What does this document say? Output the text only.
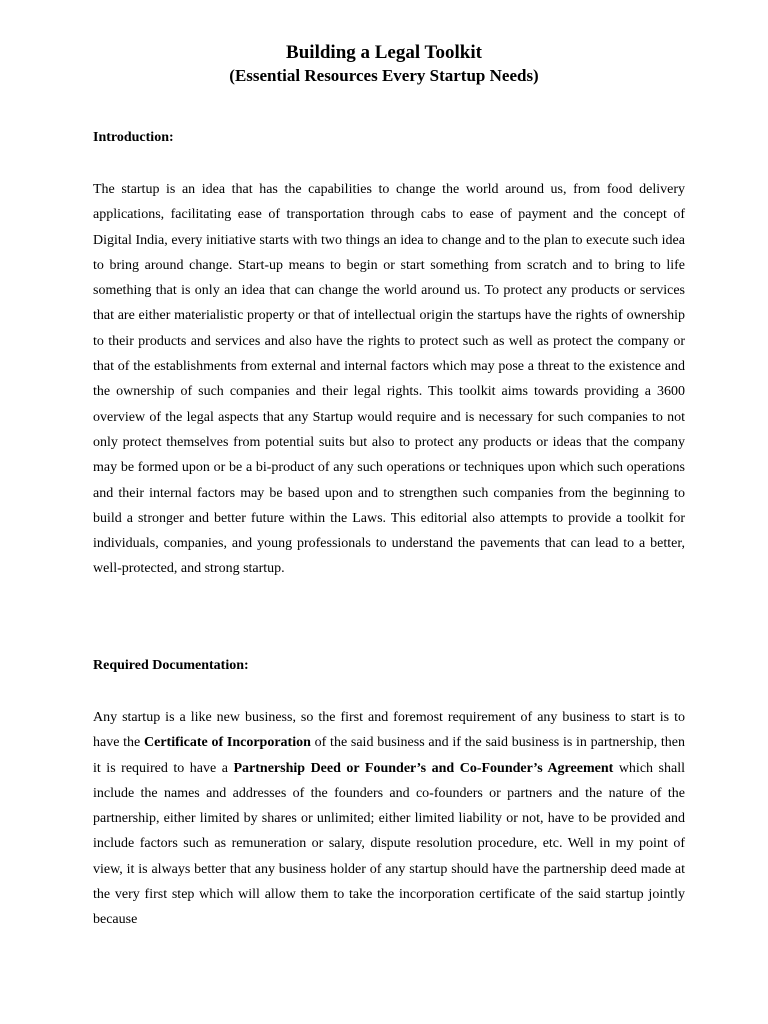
Building a Legal Toolkit
(Essential Resources Every Startup Needs)
Introduction:

The startup is an idea that has the capabilities to change the world around us, from food delivery applications, facilitating ease of transportation through cabs to ease of payment and the concept of Digital India, every initiative starts with two things an idea to change and to the plan to execute such idea to bring around change. Start-up means to begin or start something from scratch and to bring to life something that is only an idea that can change the world around us. To protect any products or services that are either materialistic property or that of intellectual origin the startups have the rights of ownership to their products and services and also have the rights to protect such as well as protect the company or that of the establishments from external and internal factors which may pose a threat to the existence and the ownership of such companies and their legal rights. This toolkit aims towards providing a 3600 overview of the legal aspects that any Startup would require and is necessary for such companies to not only protect themselves from potential suits but also to protect any products or ideas that the company may be formed upon or be a bi-product of any such operations or techniques upon which such operations and their internal factors may be based upon and to strengthen such companies from the beginning to build a stronger and better future within the Laws. This editorial also attempts to provide a toolkit for individuals, companies, and young professionals to understand the pavements that can lead to a better, well-protected, and strong startup.

Required Documentation:

Any startup is a like new business, so the first and foremost requirement of any business to start is to have the Certificate of Incorporation of the said business and if the said business is in partnership, then it is required to have a Partnership Deed or Founder’s and Co-Founder’s Agreement which shall include the names and addresses of the founders and co-founders or partners and the nature of the partnership, either limited by shares or unlimited; either limited liability or not, have to be provided and include factors such as remuneration or salary, dispute resolution procedure, etc. Well in my point of view, it is always better that any business holder of any startup should have the partnership deed made at the very first step which will allow them to take the incorporation certificate of the said startup jointly because
